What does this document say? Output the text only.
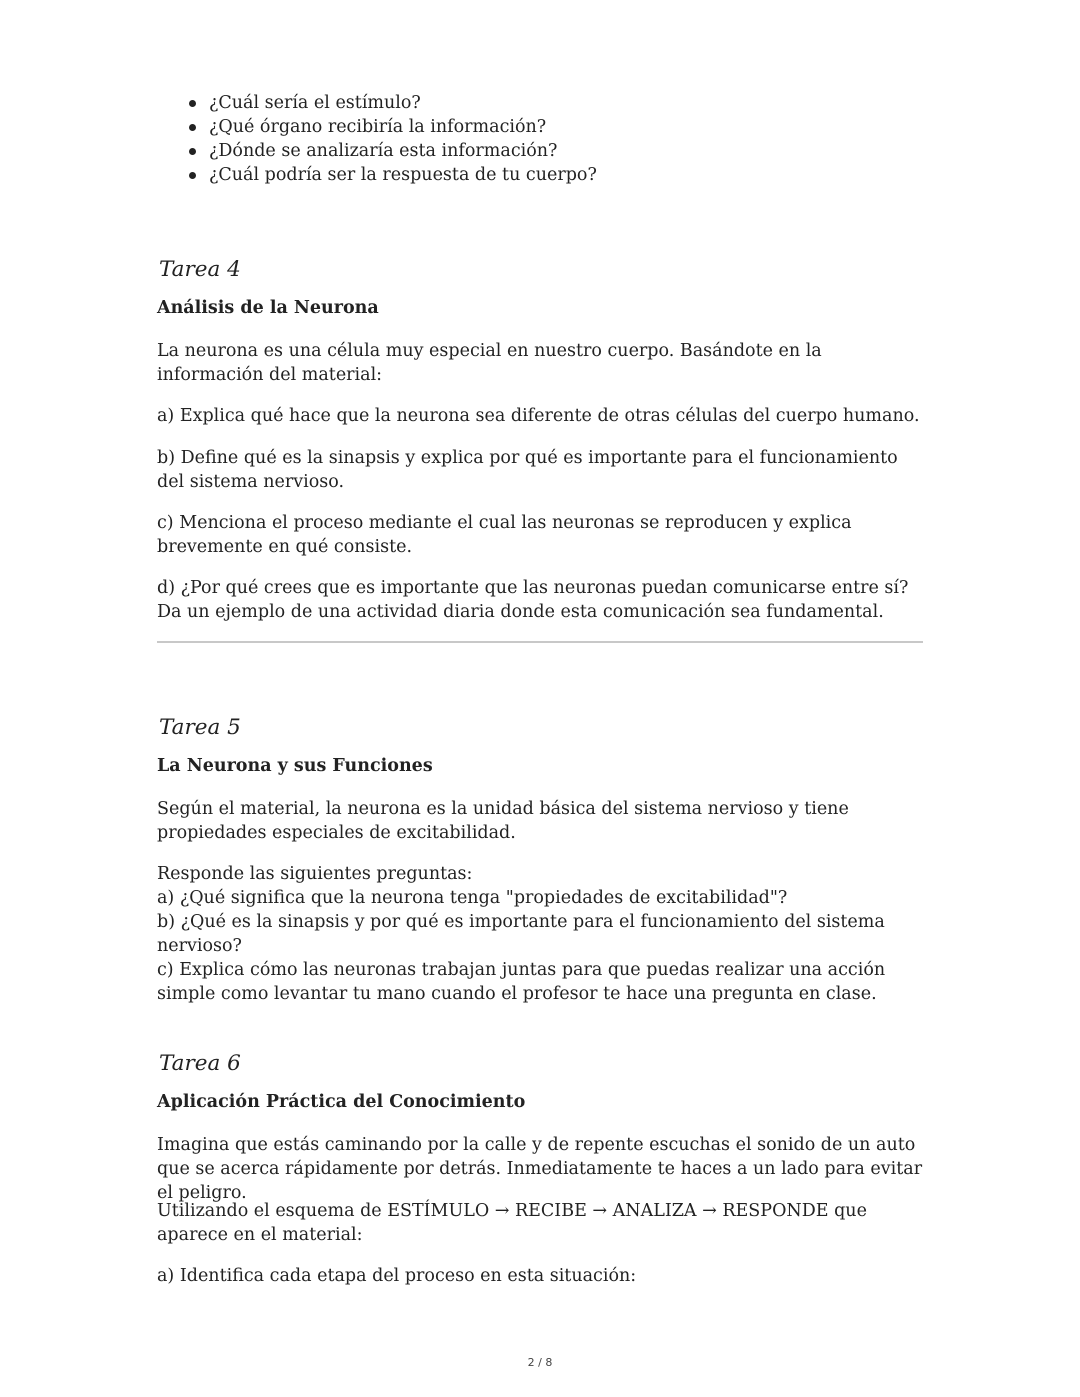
¿Cuál sería el estímulo?
¿Qué órgano recibiría la información?
¿Dónde se analizaría esta información?
¿Cuál podría ser la respuesta de tu cuerpo?
Tarea 4
Análisis de la Neurona

La neurona es una célula muy especial en nuestro cuerpo. Basándote en la información del material:

a) Explica qué hace que la neurona sea diferente de otras células del cuerpo humano.

b) Define qué es la sinapsis y explica por qué es importante para el funcionamiento del sistema nervioso.

c) Menciona el proceso mediante el cual las neuronas se reproducen y explica brevemente en qué consiste.

d) ¿Por qué crees que es importante que las neuronas puedan comunicarse entre sí? Da un ejemplo de una actividad diaria donde esta comunicación sea fundamental.

Tarea 5
La Neurona y sus Funciones

Según el material, la neurona es la unidad básica del sistema nervioso y tiene propiedades especiales de excitabilidad.

Responde las siguientes preguntas:

a) ¿Qué significa que la neurona tenga "propiedades de excitabilidad"?

b) ¿Qué es la sinapsis y por qué es importante para el funcionamiento del sistema nervioso?

c) Explica cómo las neuronas trabajan juntas para que puedas realizar una acción simple como levantar tu mano cuando el profesor te hace una pregunta en clase.

Tarea 6
Aplicación Práctica del Conocimiento

Imagina que estás caminando por la calle y de repente escuchas el sonido de un auto que se acerca rápidamente por detrás. Inmediatamente te haces a un lado para evitar el peligro.

Utilizando el esquema de ESTÍMULO → RECIBE → ANALIZA → RESPONDE que aparece en el material:

a) Identifica cada etapa del proceso en esta situación:

2 / 8
